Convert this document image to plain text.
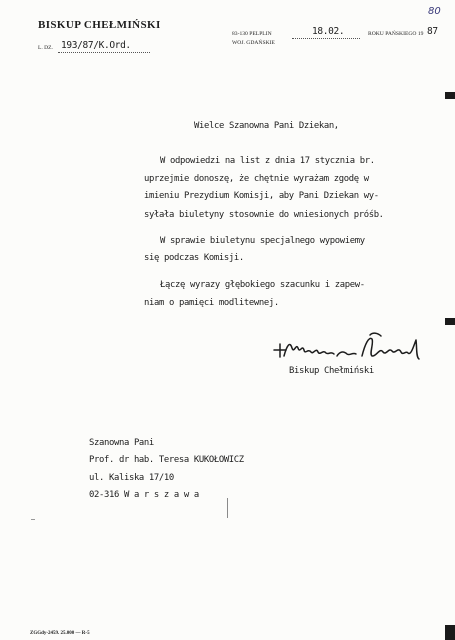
BISKUP CHEŁMIŃSKI
L. DZ. 193/87/K.Ord.
83-130 PELPLIN
WOJ. GDAŃSKIE
18.02.	ROKU PAŃSKIEGO 19 87
80
Wielce Szanowna Pani Dziekan,
W odpowiedzi na list z dnia 17 stycznia br.
uprzejmie donoszę, że chętnie wyrażam zgodę w
imieniu Prezydium Komisji, aby Pani Dziekan wy-
syłała biuletyny stosownie do wniesionych próśb.
W sprawie biuletynu specjalnego wypowiemy
się podczas Komisji.
Łączę wyrazy głębokiego szacunku i zapew-
niam o pamięci modlitewnej.
Biskup Chełmiński
Szanowna Pani
Prof. dr hab. Teresa KUKOŁOWICZ
ul. Kaliska 17/10
02-316 W a r s z a w a
ZGGdy-2459. 25.000 — R-5
